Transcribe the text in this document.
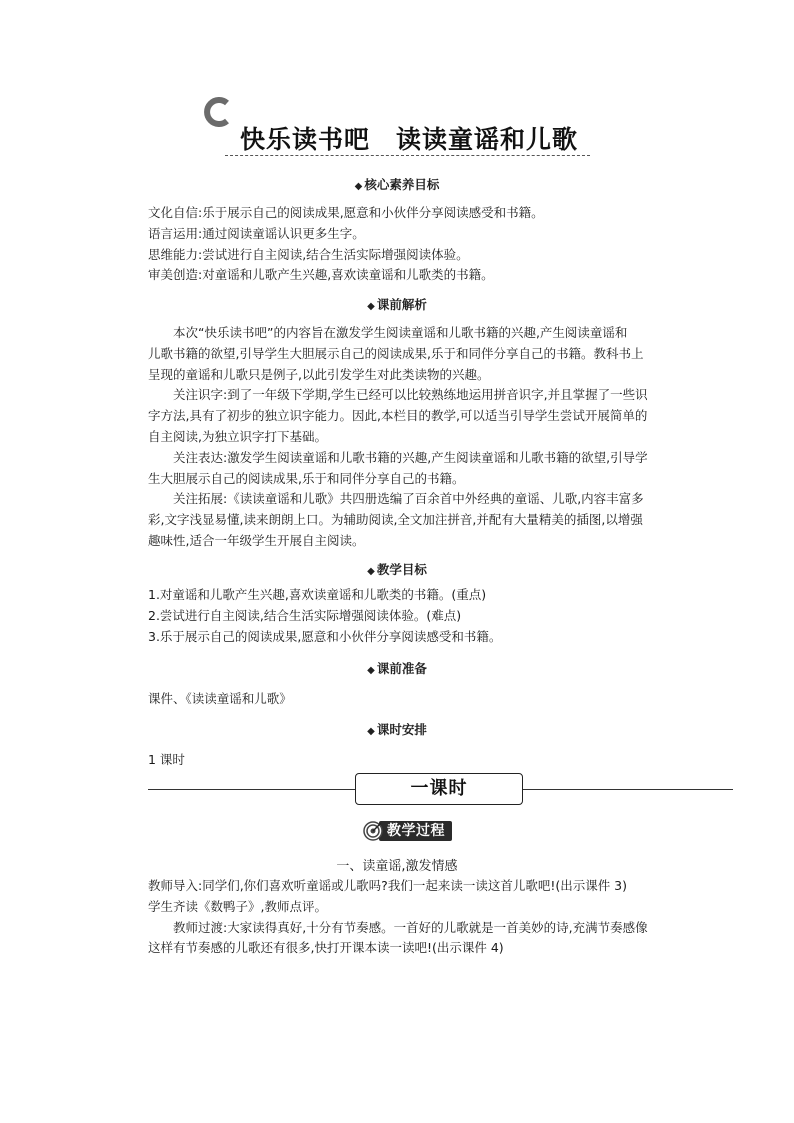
快乐读书吧　读读童谣和儿歌
◆ 核心素养目标
文化自信:乐于展示自己的阅读成果,愿意和小伙伴分享阅读感受和书籍。
语言运用:通过阅读童谣认识更多生字。
思维能力:尝试进行自主阅读,结合生活实际增强阅读体验。
审美创造:对童谣和儿歌产生兴趣,喜欢读童谣和儿歌类的书籍。
◆ 课前解析
本次“快乐读书吧”的内容旨在激发学生阅读童谣和儿歌书籍的兴趣,产生阅读童谣和
儿歌书籍的欲望,引导学生大胆展示自己的阅读成果,乐于和同伴分享自己的书籍。教科书上
呈现的童谣和儿歌只是例子,以此引发学生对此类读物的兴趣。
关注识字:到了一年级下学期,学生已经可以比较熟练地运用拼音识字,并且掌握了一些识
字方法,具有了初步的独立识字能力。因此,本栏目的教学,可以适当引导学生尝试开展简单的
自主阅读,为独立识字打下基础。
关注表达:激发学生阅读童谣和儿歌书籍的兴趣,产生阅读童谣和儿歌书籍的欲望,引导学
生大胆展示自己的阅读成果,乐于和同伴分享自己的书籍。
关注拓展:《读读童谣和儿歌》共四册选编了百余首中外经典的童谣、儿歌,内容丰富多
彩,文字浅显易懂,读来朗朗上口。为辅助阅读,全文加注拼音,并配有大量精美的插图,以增强
趣味性,适合一年级学生开展自主阅读。
◆ 教学目标
1.对童谣和儿歌产生兴趣,喜欢读童谣和儿歌类的书籍。(重点)
2.尝试进行自主阅读,结合生活实际增强阅读体验。(难点)
3.乐于展示自己的阅读成果,愿意和小伙伴分享阅读感受和书籍。
◆ 课前准备
课件、《读读童谣和儿歌》
◆ 课时安排
1 课时
一课时
教学过程
一、读童谣,激发情感
教师导入:同学们,你们喜欢听童谣或儿歌吗?我们一起来读一读这首儿歌吧!(出示课件 3)
学生齐读《数鸭子》,教师点评。
教师过渡:大家读得真好,十分有节奏感。一首好的儿歌就是一首美妙的诗,充满节奏感像
这样有节奏感的儿歌还有很多,快打开课本读一读吧!(出示课件 4)
